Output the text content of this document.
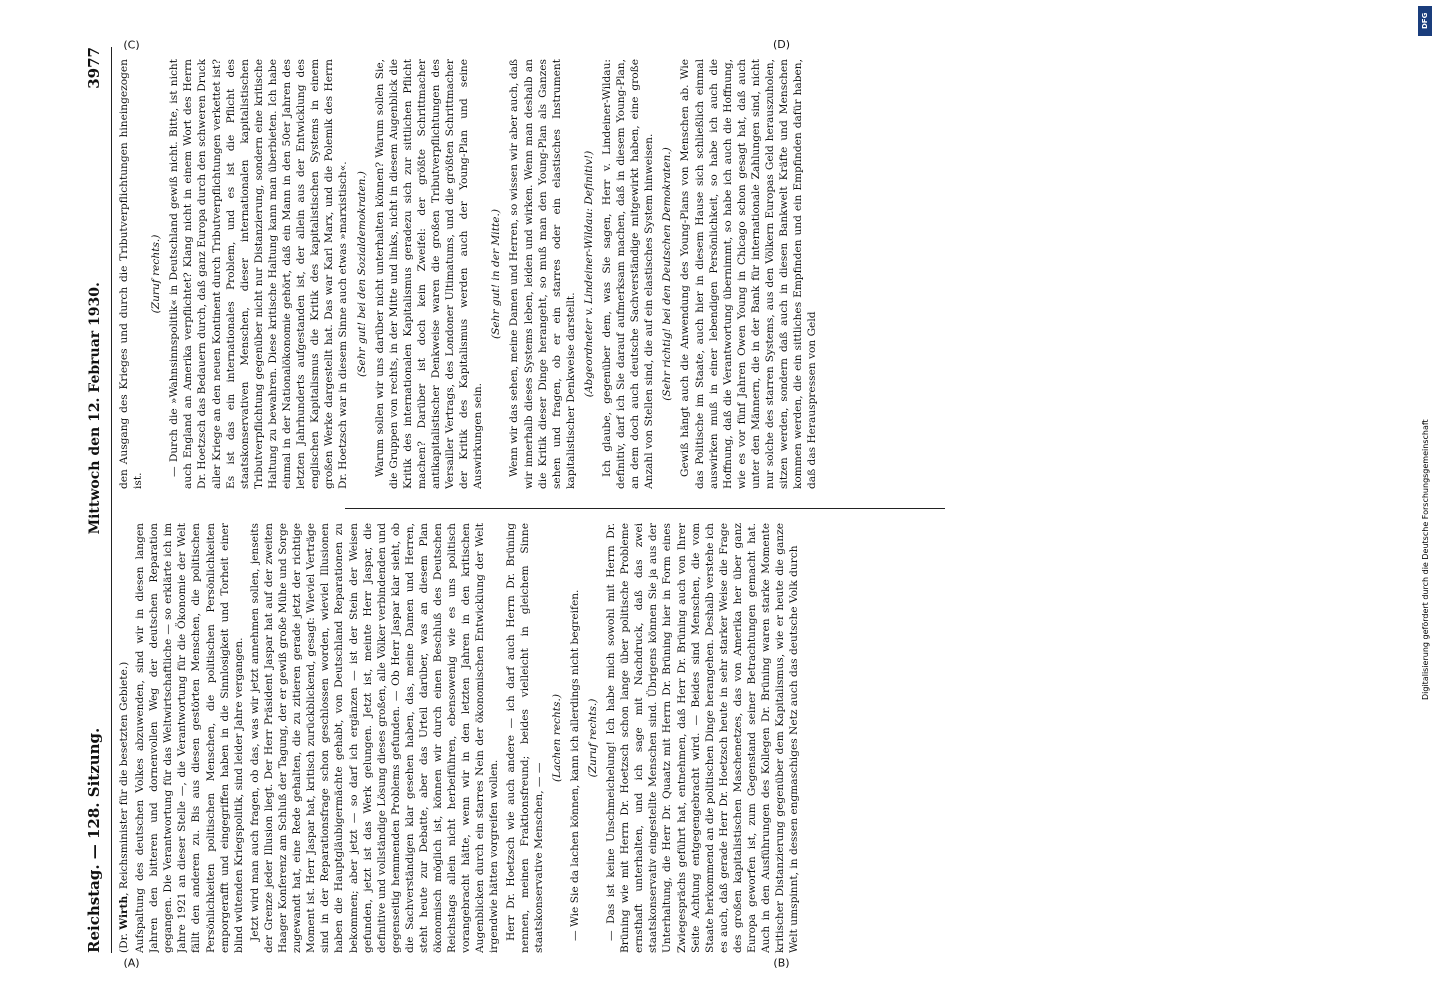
Reichstag. — 128. Sitzung.
Mittwoch den 12. Februar 1930.
3977

(Dr. Wirth, Reichsminister für die besetzten Gebiete.) Aufspaltung des deutschen Volkes abzuwenden, sind wir in diesen langen Jahren den bitteren und dornenvollen Weg der deutschen Reparation gegangen. Die Verantwortung für das Weltwirtschaftliche — so erklärte ich im Jahre 1921 an dieser Stelle —, die Verantwortung für die Ökonomie der Welt fällt den anderen zu. Bis aus diesen gestörten Menschen, die politischen Persönlichkeiten politischen Menschen, die politischen Persönlichkeiten emporgerafft und eingegriffen haben in die Sinnlosigkeit und Torheit einer blind wütenden Kriegspolitik, sind leider Jahre vergangen. Jetzt wird man auch fragen, ob das, was wir jetzt annehmen sollen, jenseits der Grenze jeder Illusion liegt. Der Herr Präsident Jaspar hat auf der zweiten Haager Konferenz am Schluß der Tagung, der er gewiß große Mühe und Sorge zugewandt hat, eine Rede gehalten, die zu zitieren gerade jetzt der richtige Moment ist. Herr Jaspar hat, kritisch zurückblickend, gesagt: Wieviel Verträge sind in der Reparationsfrage schon geschlossen worden, wieviel Illusionen haben die Hauptgläubigermächte gehabt, von Deutschland Reparationen zu bekommen; aber jetzt — so darf ich ergänzen — ist der Stein der Weisen gefunden, jetzt ist das Werk gelungen. Jetzt ist, meinte Herr Jaspar, die definitive und vollständige Lösung dieses großen, alle Völker verbindenden und gegenseitig hemmenden Problems gefunden. — Ob Herr Jaspar klar sieht, ob die Sachverständigen klar gesehen haben, das, meine Damen und Herren, steht heute zur Debatte, aber das Urteil darüber, was an diesem Plan ökonomisch möglich ist, können wir durch einen Beschluß des Deutschen Reichstags allein nicht herbeiführen, ebensowenig wie es uns politisch vorangebracht hätte, wenn wir in den letzten Jahren in den kritischen Augenblicken durch ein starres Nein der ökonomischen Entwicklung der Welt irgendwie hätten vorgreifen wollen. Herr Dr. Hoetzsch wie auch andere — ich darf auch Herrn Dr. Brüning nennen, meinen Fraktionsfreund; beides vielleicht in gleichem Sinne staatskonservative Menschen, — —

(Lachen rechts.) — Wie Sie da lachen können, kann ich allerdings nicht begreifen. (Zuruf rechts.) — Das ist keine Unschmeichelung! Ich habe mich sowohl mit Herrn Dr. Brüning wie mit Herrn Dr. Hoetzsch schon lange über politische Probleme ernsthaft unterhalten, und ich sage mit Nachdruck, daß das zwei staatskonservativ eingestellte Menschen sind. Übrigens können Sie ja aus der Unterhaltung, die Herr Dr. Quaatz mit Herrn Dr. Brüning hier in Form eines Zwiegesprächs geführt hat, entnehmen, daß Herr Dr. Brüning auch von Ihrer Seite Achtung entgegengebracht wird. — Beides sind Menschen, die vom Staate herkommend an die politischen Dinge herangehen. Deshalb verstehe ich es auch, daß gerade Herr Dr. Hoetzsch heute in sehr starker Weise die Frage des großen kapitalistischen Maschenetzes, das von Amerika her über ganz Europa geworfen ist, zum Gegenstand seiner Betrachtungen gemacht hat. Auch in den Ausführungen des Kollegen Dr. Brüning waren starke Momente kritischer Distanzierung gegenüber dem Kapitalismus, wie er heute die ganze Welt umspinnt, in dessen engmaschiges Netz auch das deutsche Volk durch

den Ausgang des Krieges und durch die Tributverpflichtungen hineingezogen ist.

(Zuruf rechts.) — Durch die »Wahnsinnspolitik« in Deutschland gewiß nicht. Bitte, ist nicht auch England an Amerika verpflichtet? Klang nicht in einem Wort des Herrn Dr. Hoetzsch das Bedauern durch, daß ganz Europa durch den schweren Druck aller Kriege an den neuen Kontinent durch Tributverpflichtungen verkettet ist? Es ist das ein internationales Problem, und es ist die Pflicht des staatskonservativen Menschen, dieser internationalen kapitalistischen Tributverpflichtung gegenüber nicht nur Distanzierung, sondern eine kritische Haltung zu bewahren. Diese kritische Haltung kann man überbieten. Ich habe einmal in der Nationalökonomie gehört, daß ein Mann in den 50er Jahren des letzten Jahrhunderts aufgestanden ist, der allein aus der Entwicklung des englischen Kapitalismus die Kritik des kapitalistischen Systems in einem großen Werke dargestellt hat. Das war Karl Marx, und die Polemik des Herrn Dr. Hoetzsch war in diesem Sinne auch etwas »marxistisch«. (Sehr gut! bei den Sozialdemokraten.) Warum sollen wir uns darüber nicht unterhalten können? Warum sollen Sie, die Gruppen von rechts, in der Mitte und links, nicht in diesem Augenblick die Kritik des internationalen Kapitalismus geradezu sich zur sittlichen Pflicht machen? Darüber ist doch kein Zweifel: der größte Schrittmacher antikapitalistischer Denkweise waren die großen Tributverpflichtungen des Versailler Vertrags, des Londoner Ultimatums, und die größten Schrittmacher der Kritik des Kapitalismus werden auch der Young-Plan und seine Auswirkungen sein.

(Sehr gut! in der Mitte.) Wenn wir das sehen, meine Damen und Herren, so wissen wir aber auch, daß wir innerhalb dieses Systems leben, leiden und wirken. Wenn man deshalb an die Kritik dieser Dinge herangeht, so muß man den Young-Plan als Ganzes sehen und fragen, ob er ein starres oder ein elastisches Instrument kapitalistischer Denkweise darstellt. (Abgeordneter v. Lindeiner-Wildau: Definitiv!) Ich glaube, gegenüber dem, was Sie sagen, Herr v. Lindeiner-Wildau: definitiv, darf ich Sie darauf aufmerksam machen, daß in diesem Young-Plan, an dem doch auch deutsche Sachverständige mitgewirkt haben, eine große Anzahl von Stellen sind, die auf ein elastisches System hinweisen. (Sehr richtig! bei den Deutschen Demokraten.) Gewiß hängt auch die Anwendung des Young-Plans von Menschen ab. Wie das Politische im Staate, auch hier in diesem Hause sich schließlich einmal auswirken muß in einer lebendigen Persönlichkeit, so habe ich auch die Hoffnung, daß die Verantwortung übernimmt, so habe ich auch die Hoffnung, wie es vor fünf Jahren Owen Young in Chicago schon gesagt hat, daß auch unter den Männern, die in der Bank für internationale Zahlungen sind, nicht nur solche des starren Systems, aus den Völkern Europas Geld herauszuholen, sitzen werden, sondern daß auch in diesen Bankwelt Kräfte und Menschen kommen werden, die ein sittliches Empfinden und ein Empfinden dafür haben, daß das Herauspressen von Geld

(A)	(B)
(C)	(D)
DFG
Digitalisierung gefördert durch die Deutsche Forschungsgemeinschaft
